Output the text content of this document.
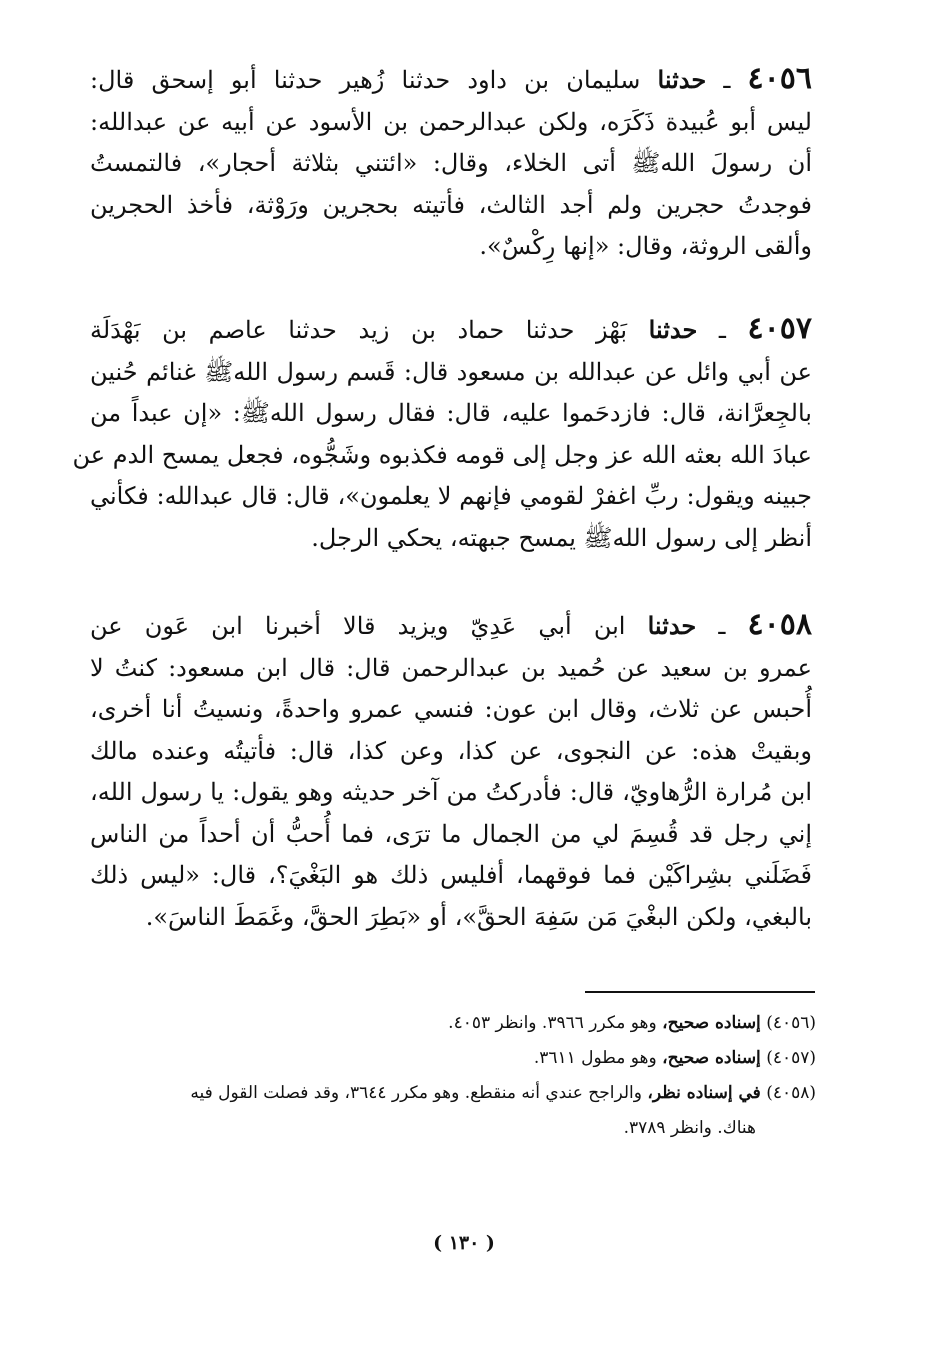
٤٠٥٦ ـ حدثنا سليمان بن داود حدثنا زُهير حدثنا أبو إسحق قال:
ليس أبو عُبيدة ذَكَرَه، ولكن عبدالرحمن بن الأسود عن أبيه عن عبدالله:
أن رسولَ اللهﷺ أتى الخلاء، وقال: «ائتني بثلاثة أحجار»، فالتمستُ
فوجدتُ حجرين ولم أجد الثالث، فأتيته بحجرين ورَوْثة، فأخذ الحجرين
وألقى الروثة، وقال: «إنها رِكْسٌ».
٤٠٥٧ ـ حدثنا بَهْز حدثنا حماد بن زيد حدثنا عاصم بن بَهْدَلَة
عن أبي وائل عن عبدالله بن مسعود قال: قَسم رسول اللهﷺ غنائم حُنين
بالجِعرَّانة، قال: فازدحَموا عليه، قال: فقال رسول اللهﷺ: «إن عبداً من
عبادَ الله بعثه الله عز وجل إلى قومه فكذبوه وشَجُّوه، فجعل يمسح الدم عن
جبينه ويقول: ربِّ اغفرْ لقومي فإنهم لا يعلمون»، قال: قال عبدالله: فكأني
أنظر إلى رسول اللهﷺ يمسح جبهته، يحكي الرجل.
٤٠٥٨ ـ حدثنا ابن أبي عَدِيّ ويزيد قالا أخبرنا ابن عَون عن
عمرو بن سعيد عن حُميد بن عبدالرحمن قال: قال ابن مسعود: كنتُ لا
أُحبس عن ثلاث، وقال ابن عون: فنسي عمرو واحدةً، ونسيتُ أنا أخرى،
وبقيتْ هذه: عن النجوى، عن كذا، وعن كذا، قال: فأتيتُه وعنده مالك
ابن مُرارة الرُّهاويّ، قال: فأدركتُ من آخر حديثه وهو يقول: يا رسول الله،
إني رجل قد قُسِمَ لي من الجمال ما ترَى، فما أُحبُّ أن أحداً من الناس
فَضَلَني بشِراكَيْن فما فوقهما، أفليس ذلك هو البَغْيَ؟، قال: «ليس ذلك
بالبغي، ولكن البغْيَ مَن سَفِهَ الحقَّ»، أو «بَطِرَ الحقَّ، وغَمَطَ الناسَ».
(٤٠٥٦) إسناده صحيح، وهو مكرر ٣٩٦٦. وانظر ٤٠٥٣.
(٤٠٥٧) إسناده صحيح، وهو مطول ٣٦١١.
(٤٠٥٨) في إسناده نظر، والراجح عندي أنه منقطع. وهو مكرر ٣٦٤٤، وقد فصلت القول فيه
هناك. وانظر ٣٧٨٩.
( ١٣٠ )
